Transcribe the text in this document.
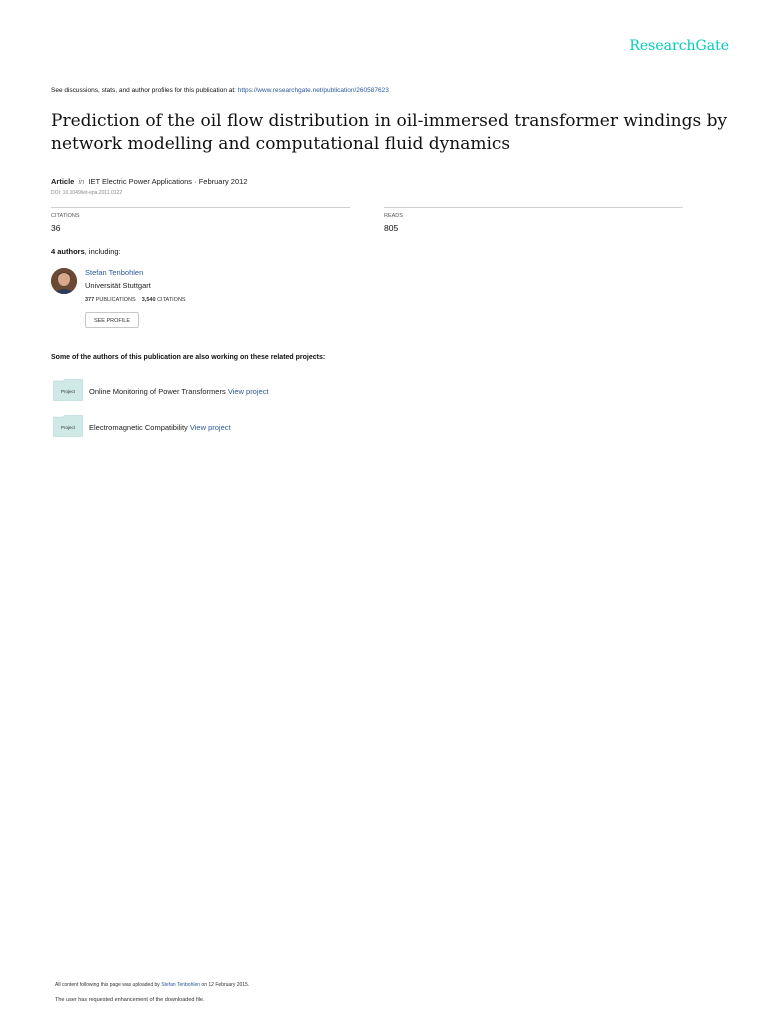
ResearchGate
See discussions, stats, and author profiles for this publication at: https://www.researchgate.net/publication/260587623
Prediction of the oil flow distribution in oil-immersed transformer windings by network modelling and computational fluid dynamics
Article in IET Electric Power Applications · February 2012
DOI: 10.1049/iet-epa.2011.0122
CITATIONS
36
READS
805
4 authors, including:
Stefan Tenbohlen
Universität Stuttgart
377 PUBLICATIONS 3,540 CITATIONS
SEE PROFILE
Some of the authors of this publication are also working on these related projects:
Project	Online Monitoring of Power Transformers View project
Project	Electromagnetic Compatibility View project
All content following this page was uploaded by Stefan Tenbohlen on 12 February 2015.
The user has requested enhancement of the downloaded file.
